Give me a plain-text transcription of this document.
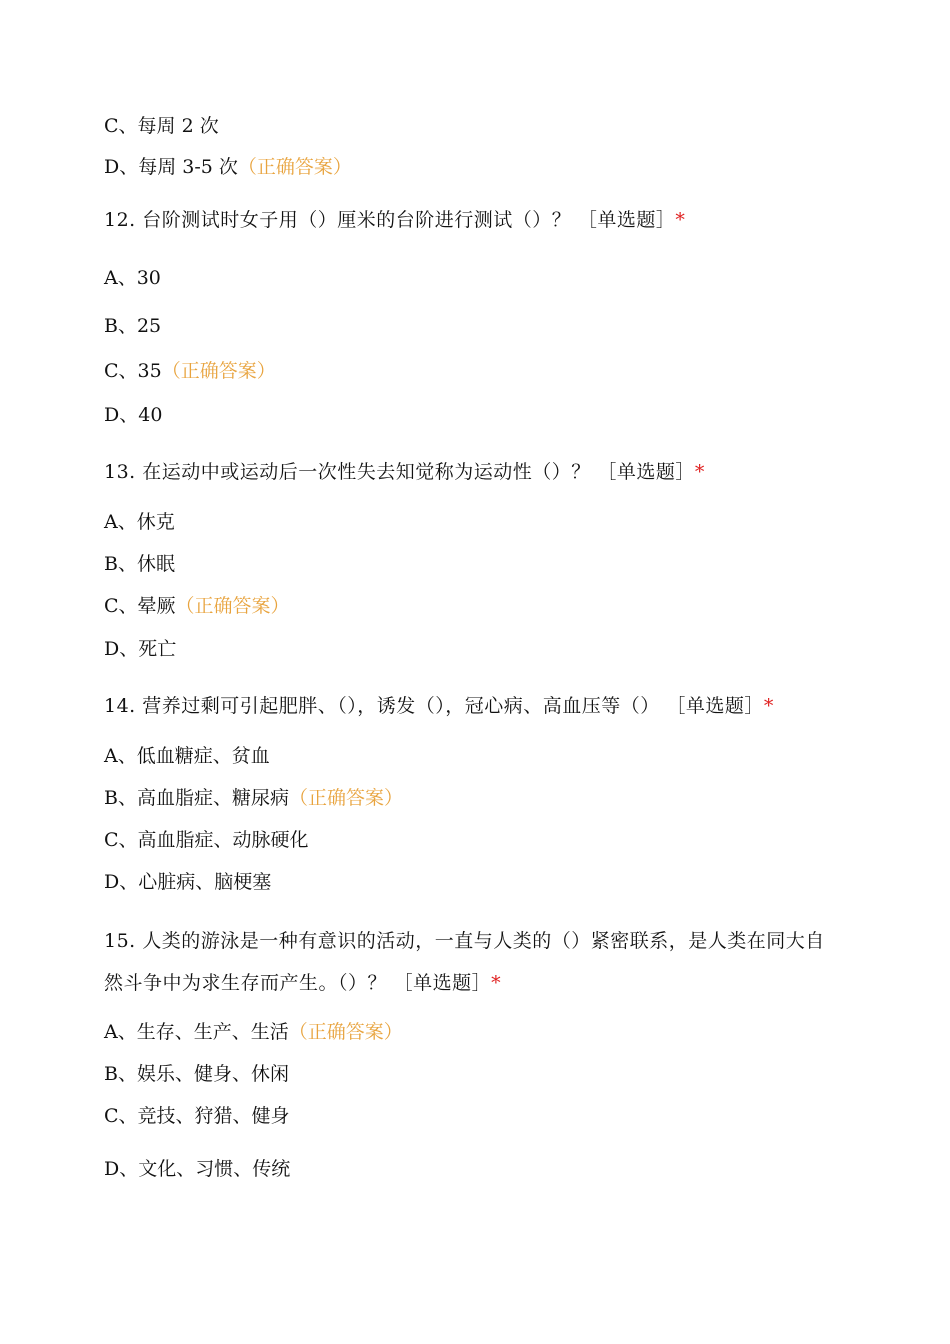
C、每周 2 次
D、每周 3-5 次（正确答案）
12. 台阶测试时女子用（）厘米的台阶进行测试（）？ ［单选题］*
A、30
B、25
C、35（正确答案）
D、40
13. 在运动中或运动后一次性失去知觉称为运动性（）？ ［单选题］*
A、休克
B、休眠
C、晕厥（正确答案）
D、死亡
14. 营养过剩可引起肥胖、（），诱发（），冠心病、高血压等（） ［单选题］*
A、低血糖症、贫血
B、高血脂症、糖尿病（正确答案）
C、高血脂症、动脉硬化
D、心脏病、脑梗塞
15. 人类的游泳是一种有意识的活动，一直与人类的（）紧密联系，是人类在同大自然斗争中为求生存而产生。（）？ ［单选题］*
A、生存、生产、生活（正确答案）
B、娱乐、健身、休闲
C、竞技、狩猎、健身
D、文化、习惯、传统
